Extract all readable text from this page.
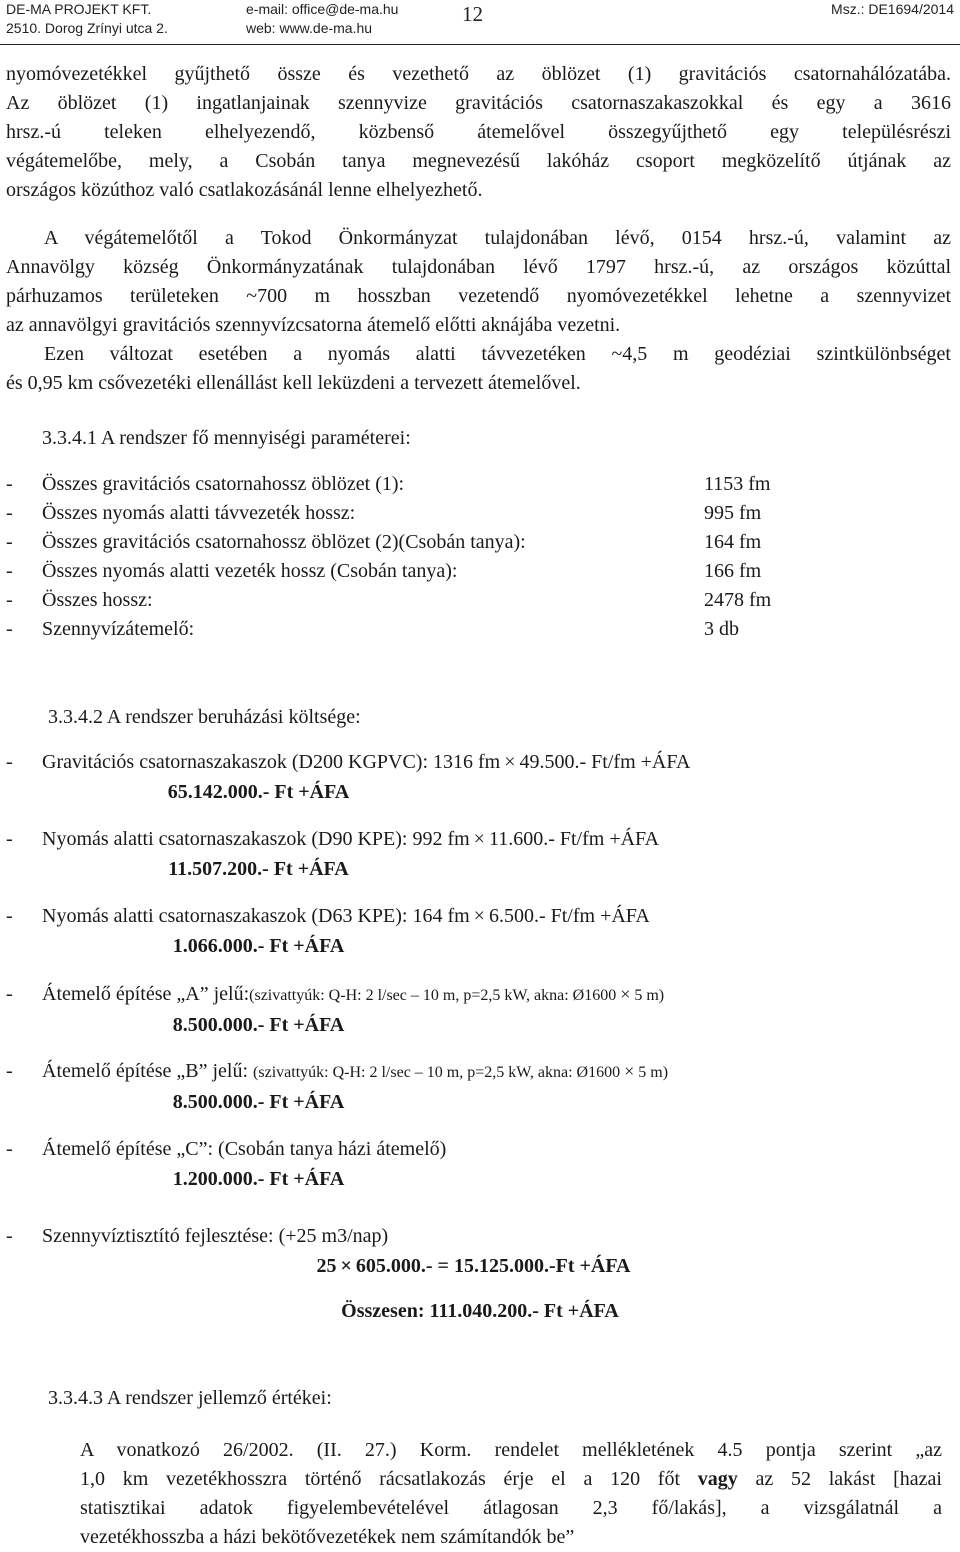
DE-MA PROJEKT KFT.
2510. Dorog Zrínyi utca 2.
e-mail: office@de-ma.hu
web: www.de-ma.hu
12	Msz.: DE1694/2014
nyomóvezetékkel gyűjthető össze és vezethető az öblözet (1) gravitációs csatornahálózatába.
Az öblözet (1) ingatlanjainak szennyvize gravitációs csatornaszakaszokkal és egy a 3616
hrsz.-ú teleken elhelyezendő, közbenső átemelővel összegyűjthető egy településrészi
végátemelőbe, mely, a Csobán tanya megnevezésű lakóház csoport megközelítő útjának az
országos közúthoz való csatlakozásánál lenne elhelyezhető.
A végátemelőtől a Tokod Önkormányzat tulajdonában lévő, 0154 hrsz.-ú, valamint az
Annavölgy község Önkormányzatának tulajdonában lévő 1797 hrsz.-ú, az országos közúttal
párhuzamos területeken ~700 m hosszban vezetendő nyomóvezetékkel lehetne a szennyvizet
az annavölgyi gravitációs szennyvízcsatorna átemelő előtti aknájába vezetni.
Ezen változat esetében a nyomás alatti távvezetéken ~4,5 m geodéziai szintkülönbséget
és 0,95 km csővezetéki ellenállást kell leküzdeni a tervezett átemelővel.
3.3.4.1 A rendszer fő mennyiségi paraméterei:
- Összes gravitációs csatornahossz öblözet (1):	1153 fm
- Összes nyomás alatti távvezeték hossz:	995 fm
- Összes gravitációs csatornahossz öblözet (2)(Csobán tanya):	164 fm
- Összes nyomás alatti vezeték hossz (Csobán tanya):	166 fm
- Összes hossz:	2478 fm
- Szennyvízátemelő:	3 db
3.3.4.2 A rendszer beruházási költsége:
- Gravitációs csatornaszakaszok (D200 KGPVC): 1316 fm × 49.500.- Ft/fm +ÁFA
65.142.000.- Ft +ÁFA
- Nyomás alatti csatornaszakaszok (D90 KPE): 992 fm × 11.600.- Ft/fm +ÁFA
11.507.200.- Ft +ÁFA
- Nyomás alatti csatornaszakaszok (D63 KPE): 164 fm × 6.500.- Ft/fm +ÁFA
1.066.000.- Ft +ÁFA
- Átemelő építése „A” jelű:(szivattyúk: Q-H: 2 l/sec – 10 m, p=2,5 kW, akna: Ø1600 × 5 m)
8.500.000.- Ft +ÁFA
- Átemelő építése „B” jelű: (szivattyúk: Q-H: 2 l/sec – 10 m, p=2,5 kW, akna: Ø1600 × 5 m)
8.500.000.- Ft +ÁFA
- Átemelő építése „C”: (Csobán tanya házi átemelő)
1.200.000.- Ft +ÁFA
- Szennyvíztisztító fejlesztése: (+25 m3/nap)
25 × 605.000.- = 15.125.000.-Ft +ÁFA
Összesen: 111.040.200.- Ft +ÁFA
3.3.4.3 A rendszer jellemző értékei:
A vonatkozó 26/2002. (II. 27.) Korm. rendelet mellékletének 4.5 pontja szerint „az
1,0 km vezetékhosszra történő rácsatlakozás érje el a 120 főt vagy az 52 lakást [hazai
statisztikai adatok figyelembevételével átlagosan 2,3 fő/lakás], a vizsgálatnál a
vezetékhosszba a házi bekötővezetékek nem számítandók be”
